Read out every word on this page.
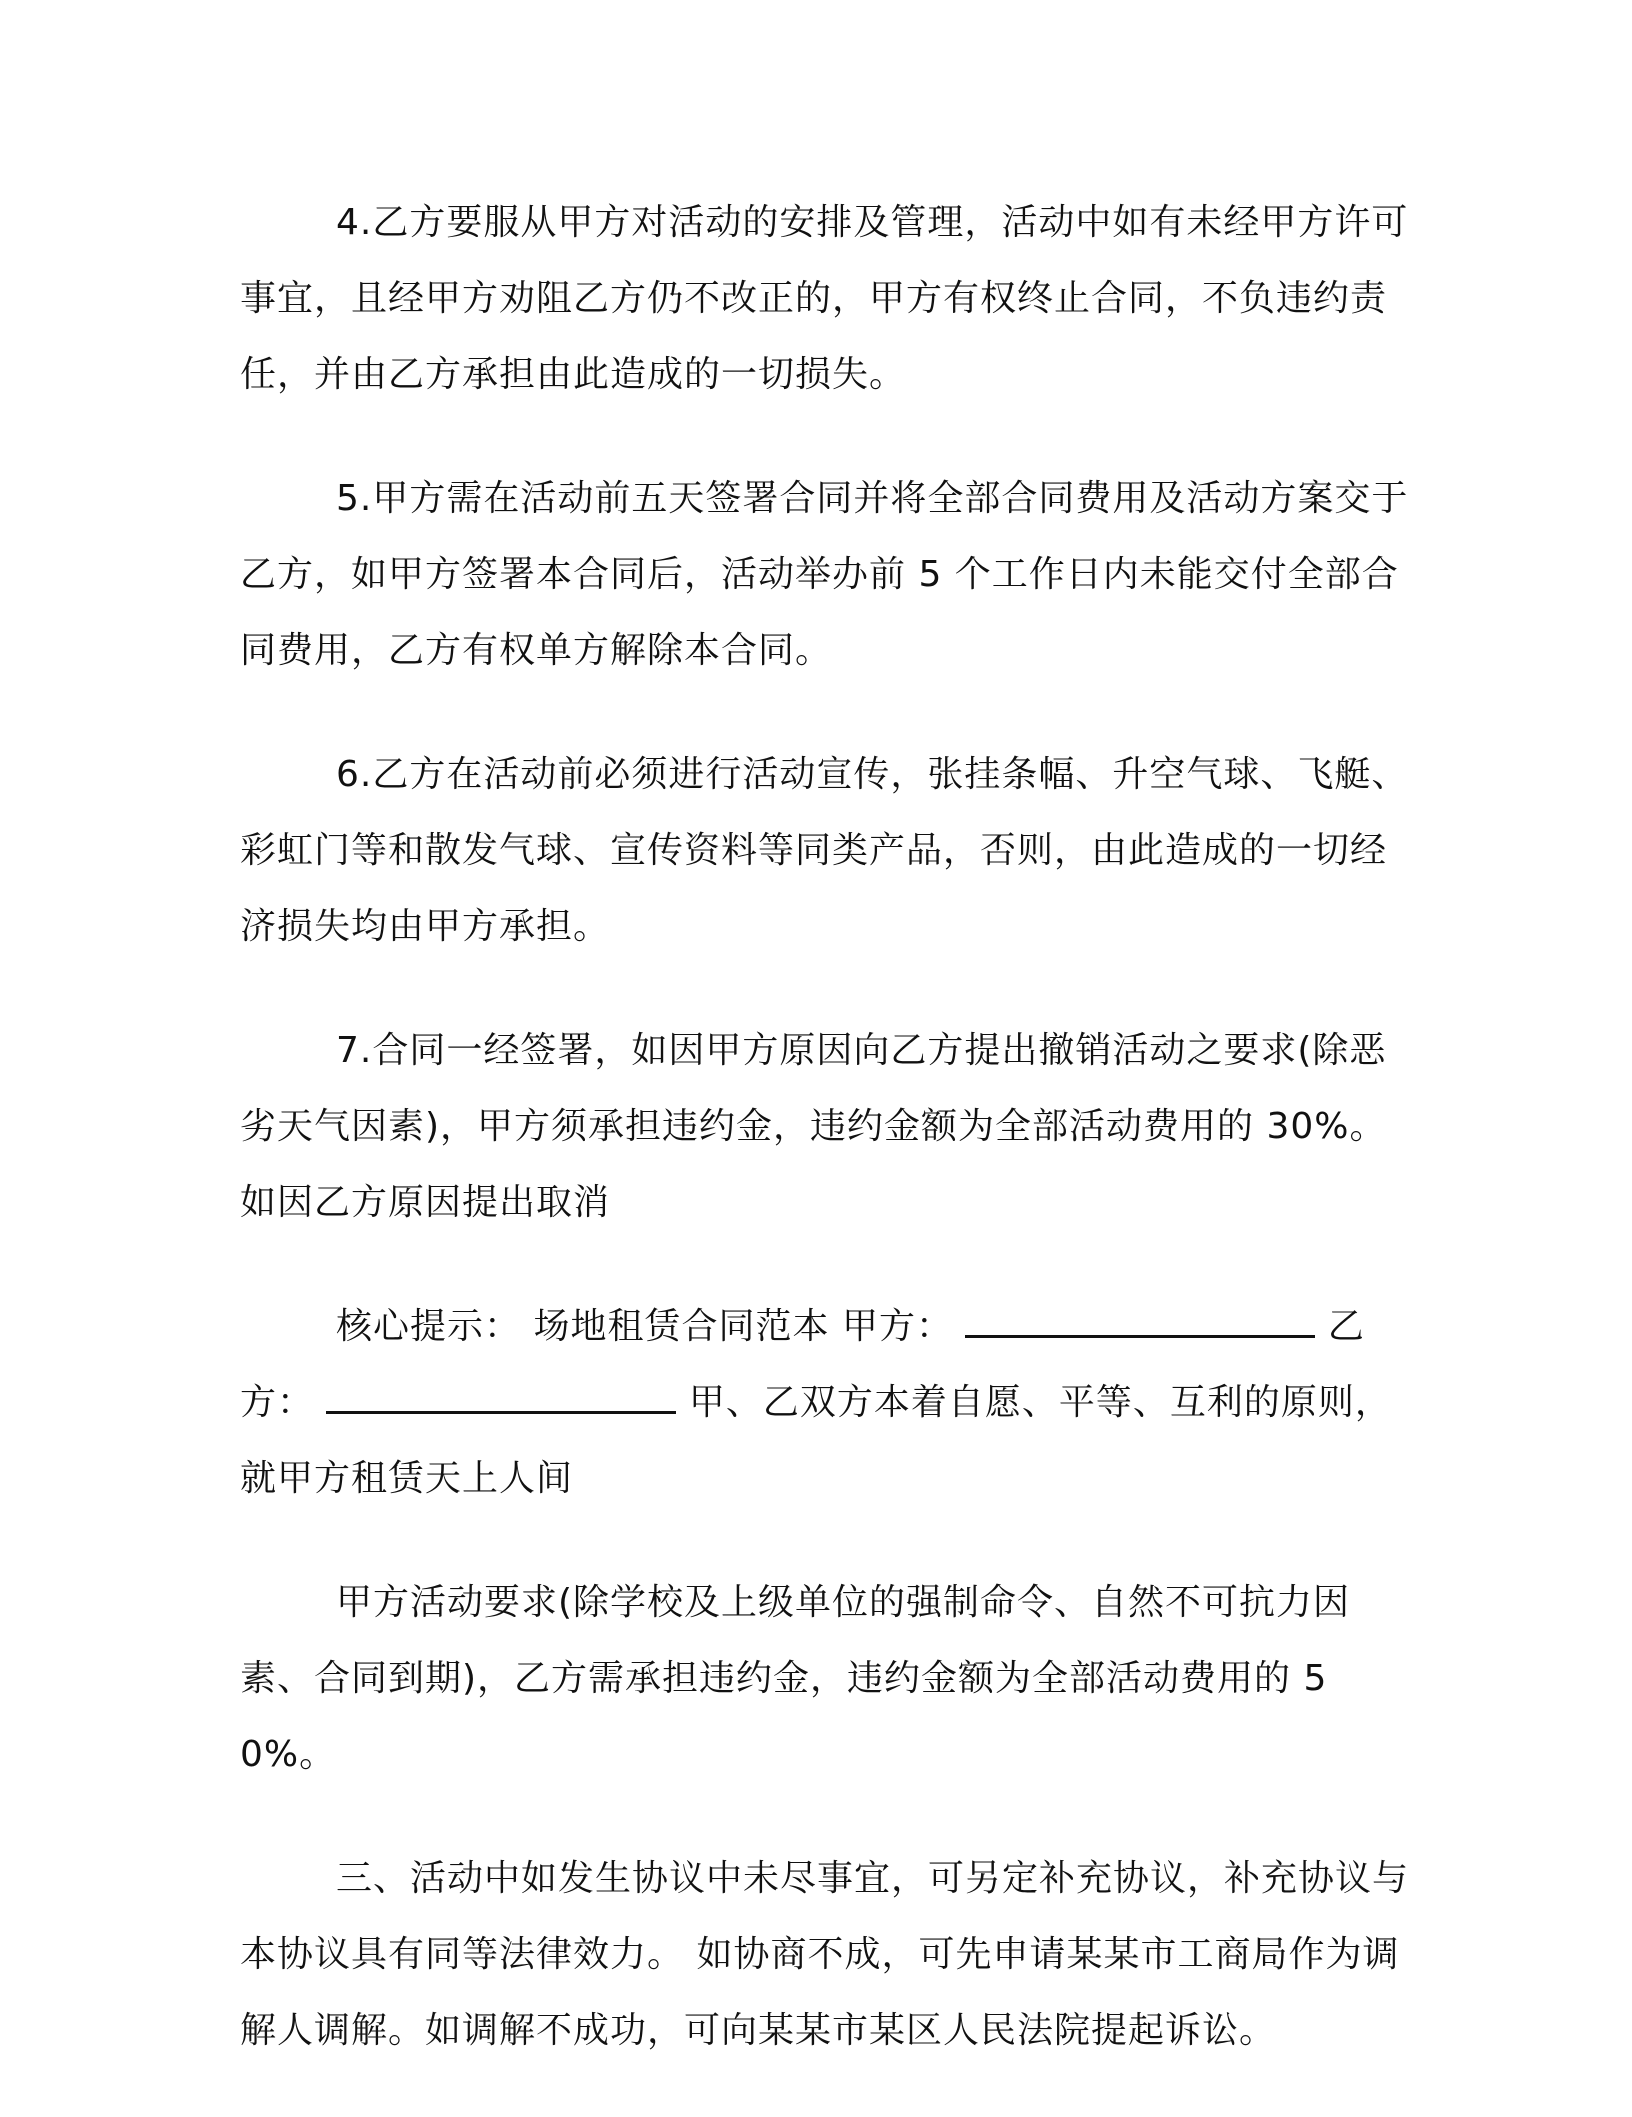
4.乙方要服从甲方对活动的安排及管理，活动中如有未经甲方许可事宜，且经甲方劝阻乙方仍不改正的，甲方有权终止合同，不负违约责任，并由乙方承担由此造成的一切损失。

5.甲方需在活动前五天签署合同并将全部合同费用及活动方案交于乙方，如甲方签署本合同后，活动举办前 5 个工作日内未能交付全部合同费用，乙方有权单方解除本合同。

6.乙方在活动前必须进行活动宣传，张挂条幅、升空气球、飞艇、彩虹门等和散发气球、宣传资料等同类产品，否则，由此造成的一切经济损失均由甲方承担。

7.合同一经签署，如因甲方原因向乙方提出撤销活动之要求(除恶劣天气因素)，甲方须承担违约金，违约金额为全部活动费用的 30%。如因乙方原因提出取消

核心提示： 场地租赁合同范本 甲方：	乙方：	甲、乙双方本着自愿、平等、互利的原则，就甲方租赁天上人间

甲方活动要求(除学校及上级单位的强制命令、自然不可抗力因素、合同到期)，乙方需承担违约金，违约金额为全部活动费用的 50%。

三、活动中如发生协议中未尽事宜，可另定补充协议，补充协议与本协议具有同等法律效力。 如协商不成，可先申请某某市工商局作为调解人调解。如调解不成功，可向某某市某区人民法院提起诉讼。
